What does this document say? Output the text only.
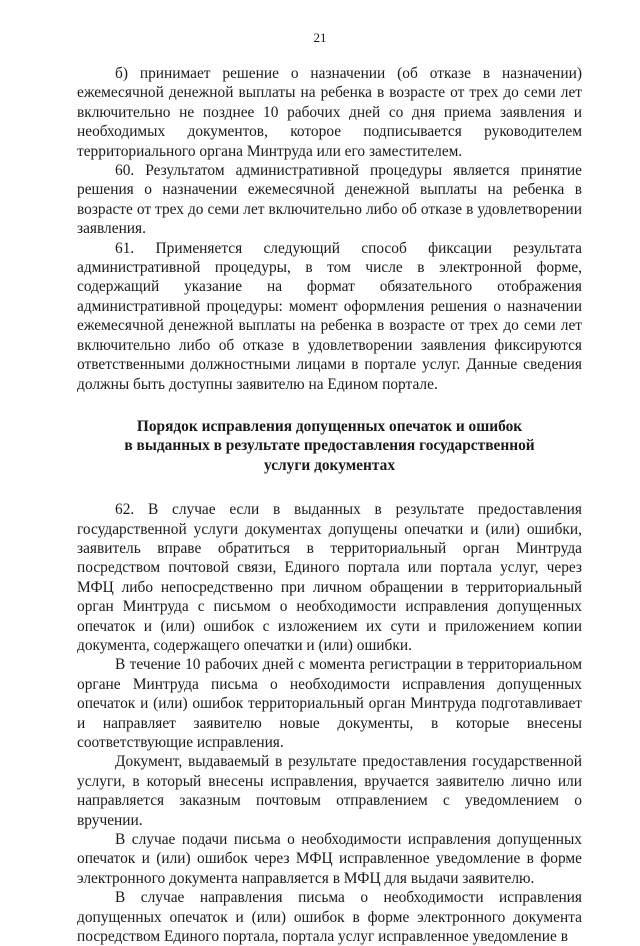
21

б) принимает решение о назначении (об отказе в назначении) ежемесячной денежной выплаты на ребенка в возрасте от трех до семи лет включительно не позднее 10 рабочих дней со дня приема заявления и необходимых документов, которое подписывается руководителем территориального органа Минтруда или его заместителем.

60. Результатом административной процедуры является принятие решения о назначении ежемесячной денежной выплаты на ребенка в возрасте от трех до семи лет включительно либо об отказе в удовлетворении заявления.

61. Применяется следующий способ фиксации результата административной процедуры, в том числе в электронной форме, содержащий указание на формат обязательного отображения административной процедуры: момент оформления решения о назначении ежемесячной денежной выплаты на ребенка в возрасте от трех до семи лет включительно либо об отказе в удовлетворении заявления фиксируются ответственными должностными лицами в портале услуг. Данные сведения должны быть доступны заявителю на Едином портале.

Порядок исправления допущенных опечаток и ошибок
в выданных в результате предоставления государственной
услуги документах

62. В случае если в выданных в результате предоставления государственной услуги документах допущены опечатки и (или) ошибки, заявитель вправе обратиться в территориальный орган Минтруда посредством почтовой связи, Единого портала или портала услуг, через МФЦ либо непосредственно при личном обращении в территориальный орган Минтруда с письмом о необходимости исправления допущенных опечаток и (или) ошибок с изложением их сути и приложением копии документа, содержащего опечатки и (или) ошибки.

В течение 10 рабочих дней с момента регистрации в территориальном органе Минтруда письма о необходимости исправления допущенных опечаток и (или) ошибок территориальный орган Минтруда подготавливает и направляет заявителю новые документы, в которые внесены соответствующие исправления.

Документ, выдаваемый в результате предоставления государственной услуги, в который внесены исправления, вручается заявителю лично или направляется заказным почтовым отправлением с уведомлением о вручении.

В случае подачи письма о необходимости исправления допущенных опечаток и (или) ошибок через МФЦ исправленное уведомление в форме электронного документа направляется в МФЦ для выдачи заявителю.

В случае направления письма о необходимости исправления допущенных опечаток и (или) ошибок в форме электронного документа посредством Единого портала, портала услуг исправленное уведомление в
